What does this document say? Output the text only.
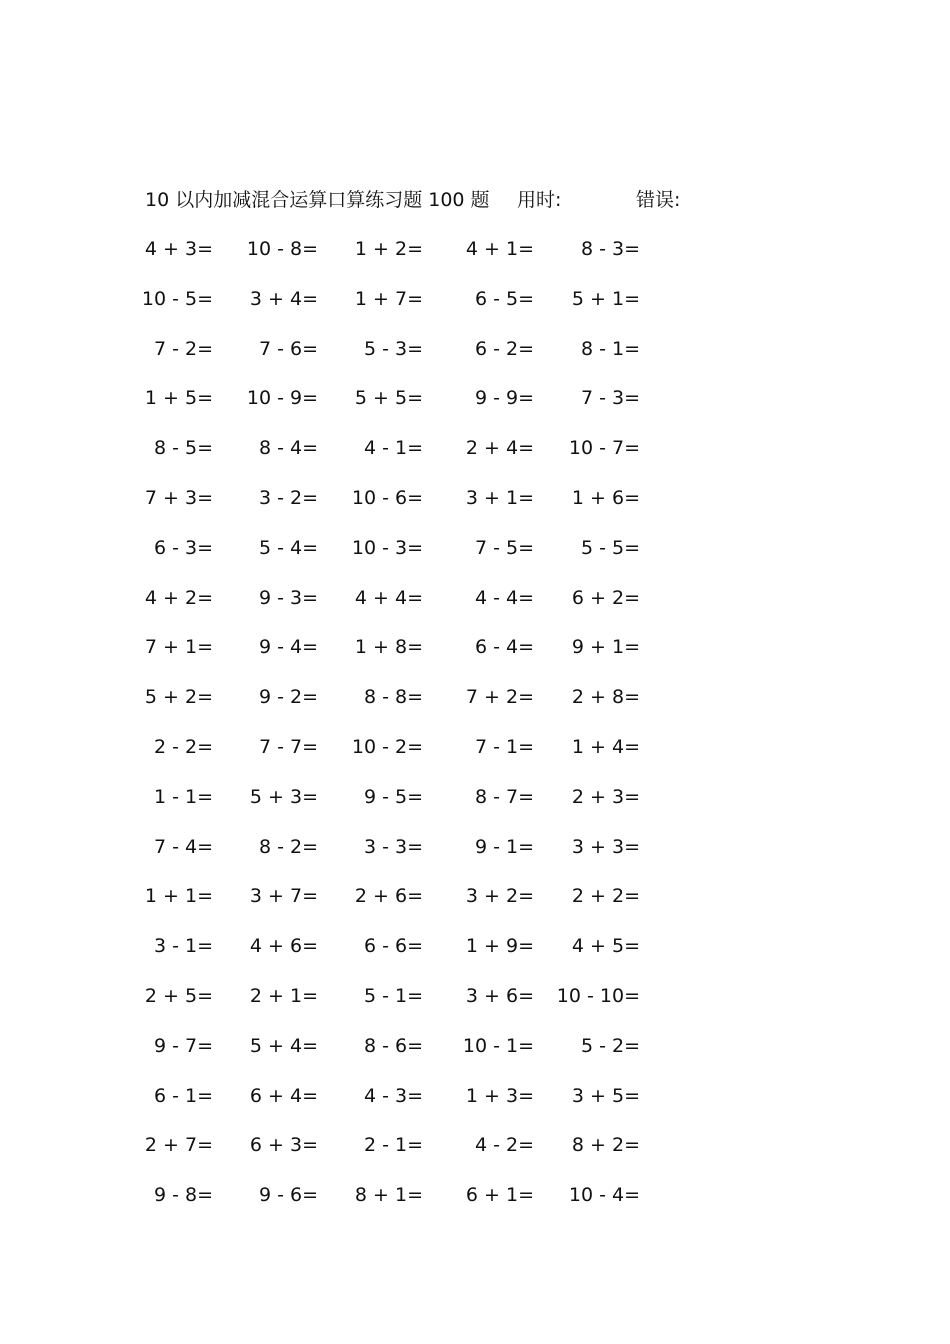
10 以内加减混合运算口算练习题 100 题 用时:	错误:
4 + 3= 10 - 8= 1 + 2= 4 + 1= 8 - 3=
10 - 5= 3 + 4= 1 + 7=	6 - 5= 5 + 1=
7 - 2= 7 - 6= 5 - 3=	6 - 2= 8 - 1=
1 + 5= 10 - 9= 5 + 5=	9 - 9= 7 - 3=
8 - 5= 8 - 4= 4 - 1= 2 + 4= 10 - 7=
7 + 3= 3 - 2= 10 - 6= 3 + 1= 1 + 6=
6 - 3= 5 - 4= 10 - 3=	7 - 5= 5 - 5=
4 + 2= 9 - 3= 4 + 4=	4 - 4= 6 + 2=
7 + 1= 9 - 4= 1 + 8=	6 - 4= 9 + 1=
5 + 2= 9 - 2= 8 - 8= 7 + 2= 2 + 8=
2 - 2= 7 - 7= 10 - 2=	7 - 1= 1 + 4=
1 - 1= 5 + 3= 9 - 5=	8 - 7= 2 + 3=
7 - 4= 8 - 2= 3 - 3=	9 - 1= 3 + 3=
1 + 1= 3 + 7= 2 + 6= 3 + 2= 2 + 2=
3 - 1= 4 + 6= 6 - 6= 1 + 9= 4 + 5=
2 + 5= 2 + 1= 5 - 1= 3 + 6= 10 - 10=
9 - 7= 5 + 4= 8 - 6= 10 - 1= 5 - 2=
6 - 1= 6 + 4= 4 - 3= 1 + 3= 3 + 5=
2 + 7= 6 + 3= 2 - 1=	4 - 2= 8 + 2=
9 - 8= 9 - 6= 8 + 1= 6 + 1= 10 - 4=
